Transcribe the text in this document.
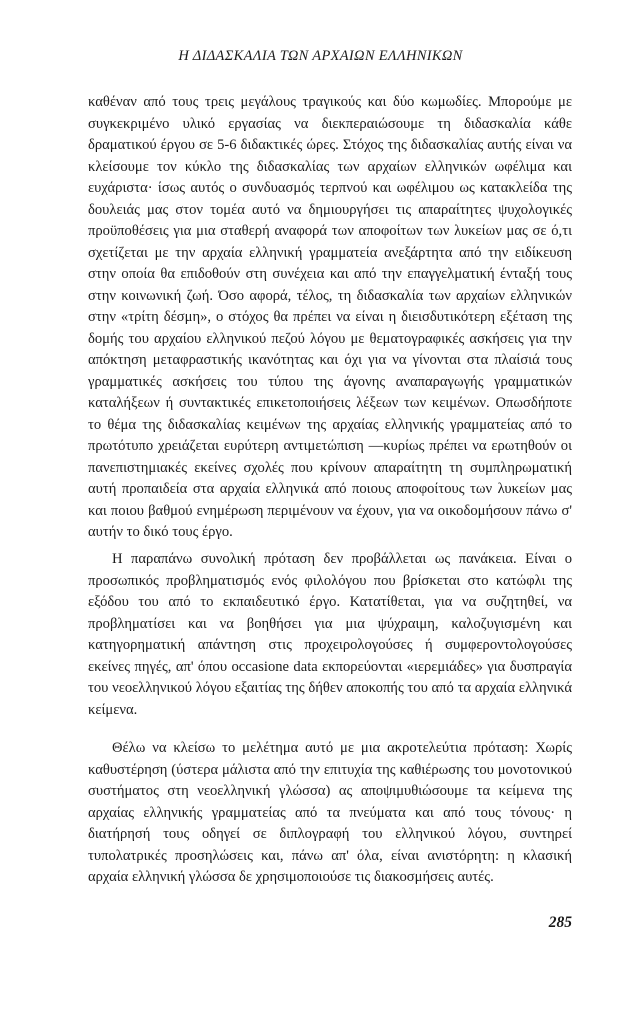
Η ΔΙΔΑΣΚΑΛΙΑ ΤΩΝ ΑΡΧΑΙΩΝ ΕΛΛΗΝΙΚΩΝ

καθέναν από τους τρεις μεγάλους τραγικούς και δύο κωμωδίες. Μπορούμε με συγκεκριμένο υλικό εργασίας να διεκπεραιώσουμε τη διδασκαλία κάθε δραματικού έργου σε 5-6 διδακτικές ώρες. Στόχος της διδασκαλίας αυτής είναι να κλείσουμε τον κύκλο της διδασκαλίας των αρχαίων ελληνικών ωφέλιμα και ευχάριστα· ίσως αυτός ο συνδυασμός τερπνού και ωφέλιμου ως κατακλείδα της δουλειάς μας στον τομέα αυτό να δημιουργήσει τις απαραίτητες ψυχολογικές προϋποθέσεις για μια σταθερή αναφορά των αποφοίτων των λυκείων μας σε ό,τι σχετίζεται με την αρχαία ελληνική γραμματεία ανεξάρτητα από την ειδίκευση στην οποία θα επιδοθούν στη συνέχεια και από την επαγγελματική ένταξή τους στην κοινωνική ζωή. Όσο αφορά, τέλος, τη διδασκαλία των αρχαίων ελληνικών στην «τρίτη δέσμη», ο στόχος θα πρέπει να είναι η διεισδυτικότερη εξέταση της δομής του αρχαίου ελληνικού πεζού λόγου με θεματογραφικές ασκήσεις για την απόκτηση μεταφραστικής ικανότητας και όχι για να γίνονται στα πλαίσιά τους γραμματικές ασκήσεις του τύπου της άγονης αναπαραγωγής γραμματικών καταλήξεων ή συντακτικές επικετοποιήσεις λέξεων των κειμένων. Οπωσδήποτε το θέμα της διδασκαλίας κειμένων της αρχαίας ελληνικής γραμματείας από το πρωτότυπο χρειάζεται ευρύτερη αντιμετώπιση —κυρίως πρέπει να ερωτηθούν οι πανεπιστημιακές εκείνες σχολές που κρίνουν απαραίτητη τη συμπληρωματική αυτή προπαιδεία στα αρχαία ελληνικά από ποιους αποφοίτους των λυκείων μας και ποιου βαθμού ενημέρωση περιμένουν να έχουν, για να οικοδομήσουν πάνω σ' αυτήν το δικό τους έργο.

Η παραπάνω συνολική πρόταση δεν προβάλλεται ως πανάκεια. Είναι ο προσωπικός προβληματισμός ενός φιλολόγου που βρίσκεται στο κατώφλι της εξόδου του από το εκπαιδευτικό έργο. Κατατίθεται, για να συζητηθεί, να προβληματίσει και να βοηθήσει για μια ψύχραιμη, καλοζυγισμένη και κατηγορηματική απάντηση στις προχειρολογούσες ή συμφεροντολογούσες εκείνες πηγές, απ' όπου occasione data εκπορεύονται «ιερεμιάδες» για δυσπραγία του νεοελληνικού λόγου εξαιτίας της δήθεν αποκοπής του από τα αρχαία ελληνικά κείμενα.

Θέλω να κλείσω το μελέτημα αυτό με μια ακροτελεύτια πρόταση: Χωρίς καθυστέρηση (ύστερα μάλιστα από την επιτυχία της καθιέρωσης του μονοτονικού συστήματος στη νεοελληνική γλώσσα) ας αποψιμυθιώσουμε τα κείμενα της αρχαίας ελληνικής γραμματείας από τα πνεύματα και από τους τόνους· η διατήρησή τους οδηγεί σε διπλογραφή του ελληνικού λόγου, συντηρεί τυπολατρικές προσηλώσεις και, πάνω απ' όλα, είναι ανιστόρητη: η κλασική αρχαία ελληνική γλώσσα δε χρησιμοποιούσε τις διακοσμήσεις αυτές.

285
